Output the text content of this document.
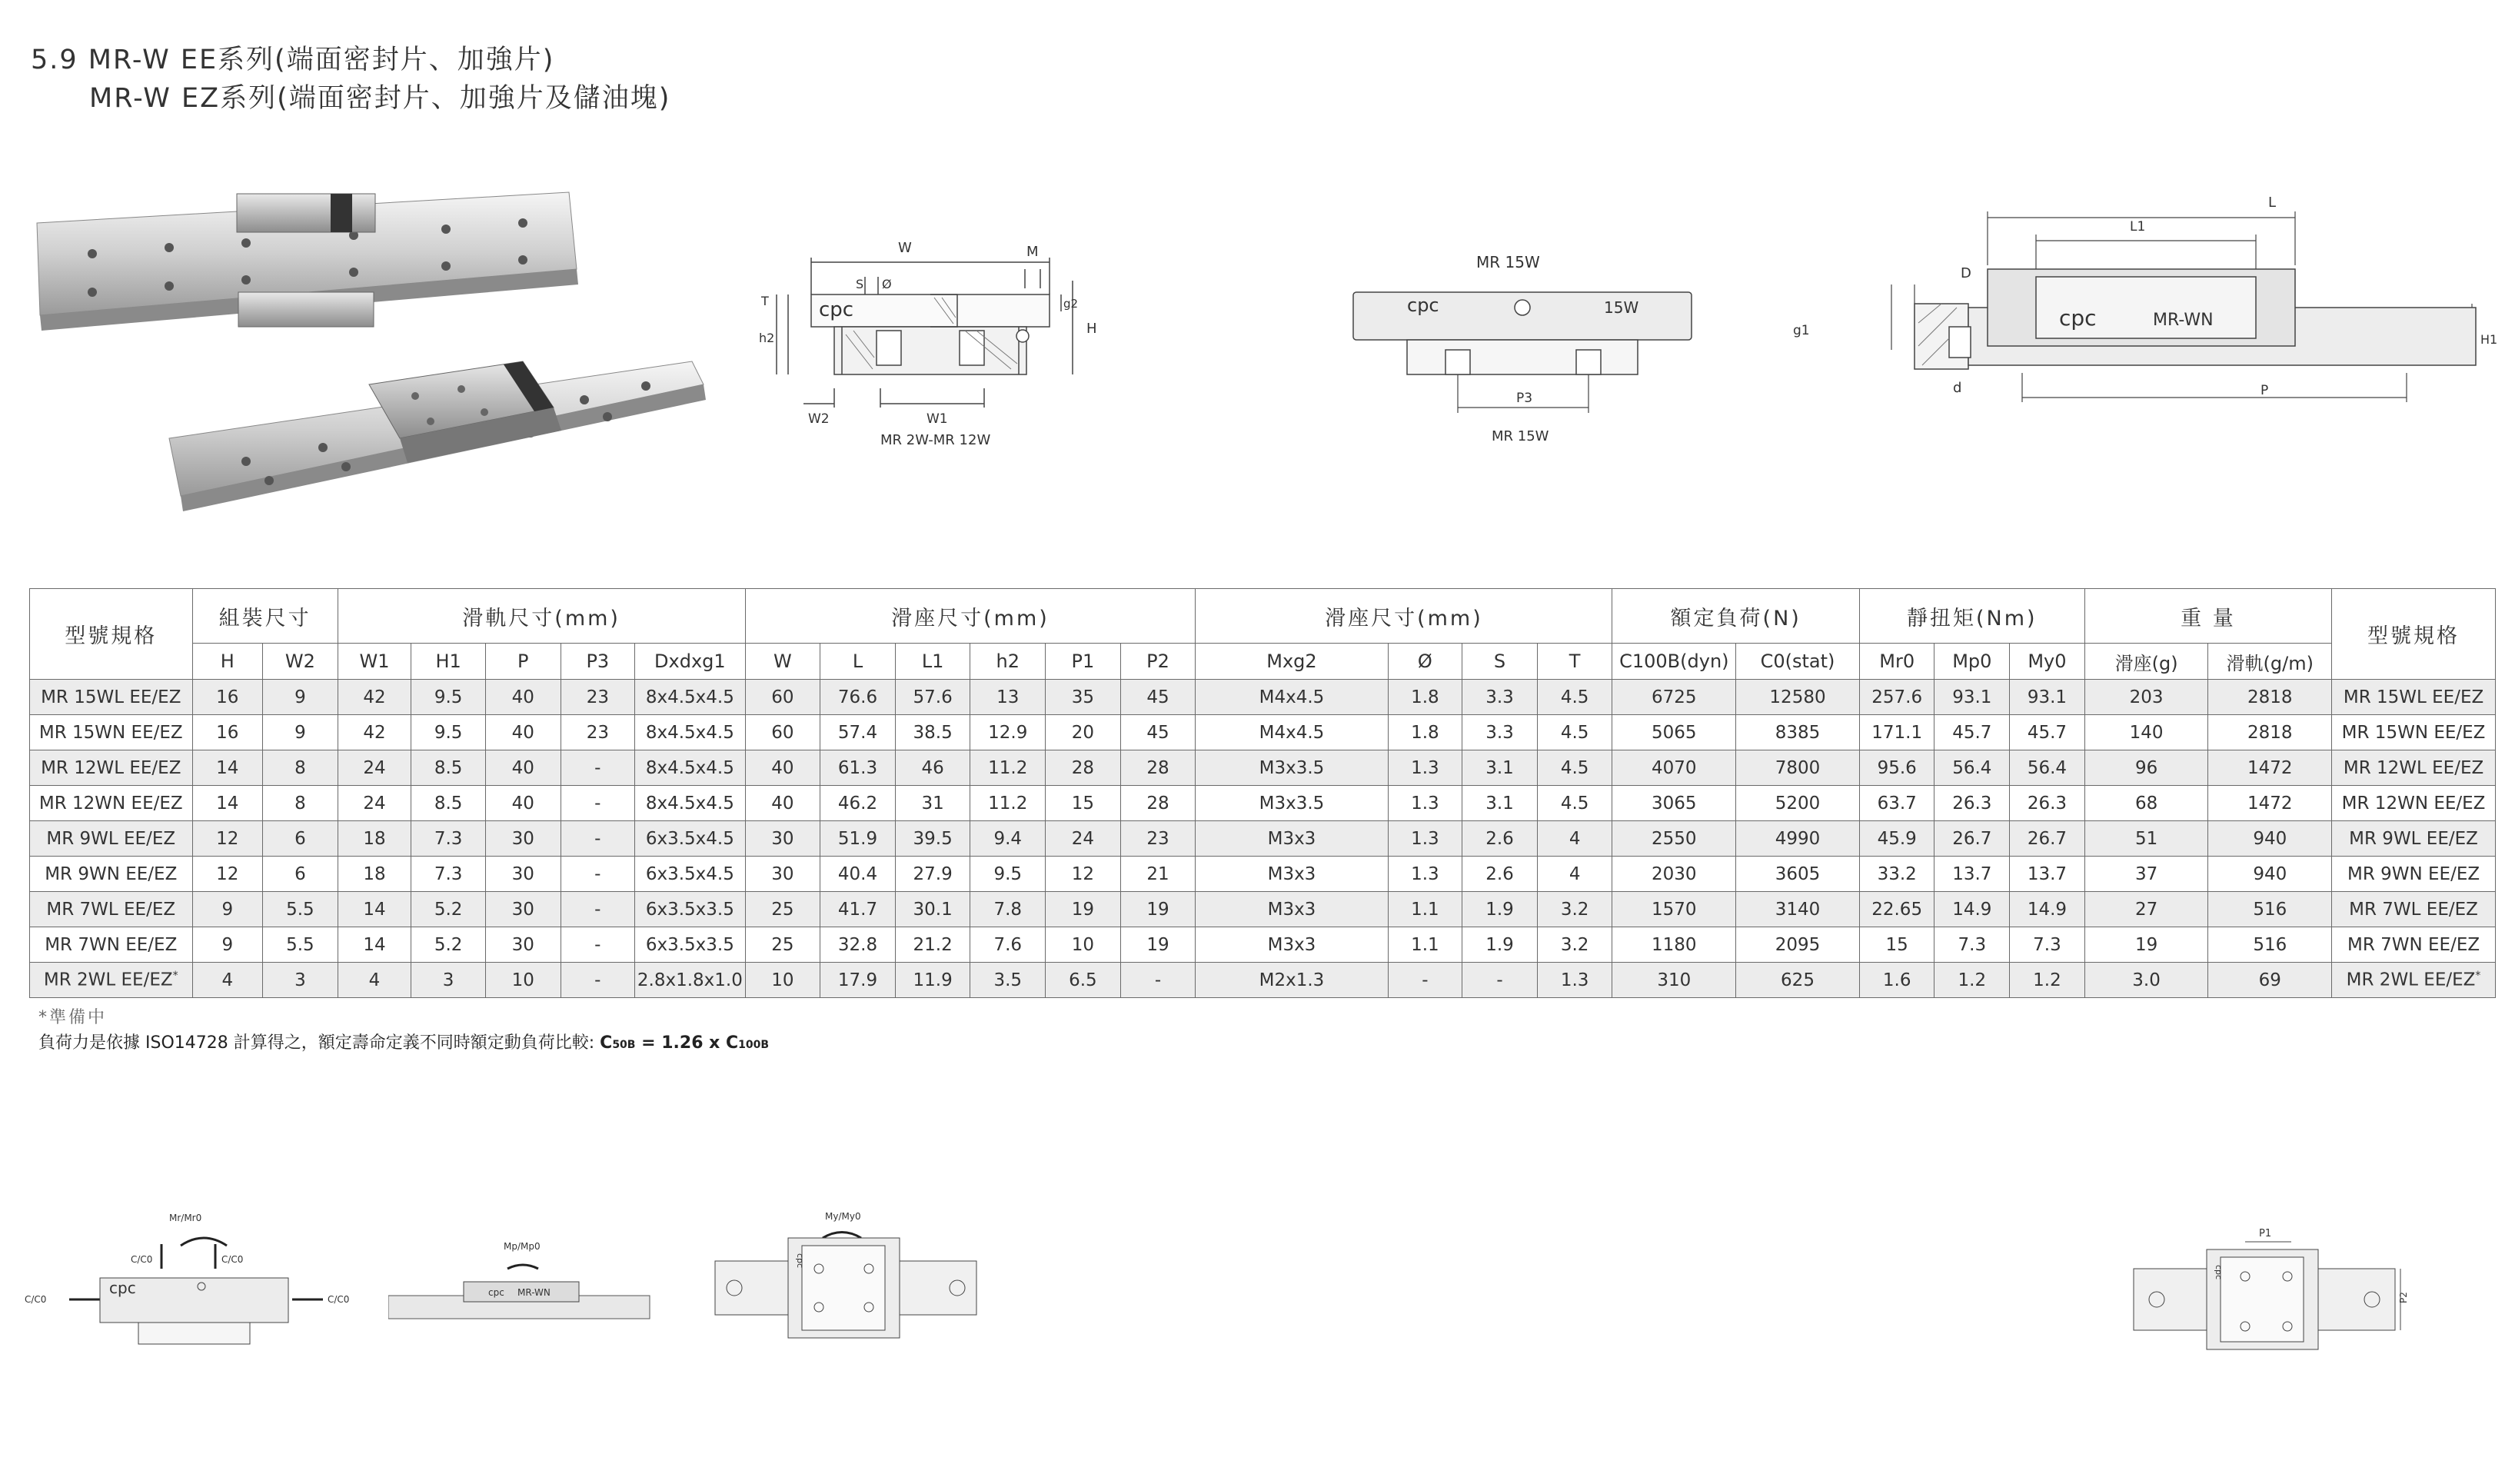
5.9 MR-W EE系列(端面密封片、加強片)
MR-W EZ系列(端面密封片、加強片及儲油塊)
cpc
W	M
S Ø
T
h2
g2
H
W2	W1
MR 2W-MR 12W
MR 15W
cpc	15W
P3
MR 15W
L
L1
D
g1
d
H1
P
cpc	MR-WN
型號規格	組裝尺寸		滑軌尺寸(mm)					滑座尺寸(mm)						滑座尺寸(mm)				額定負荷(N)		靜扭矩(Nm)			重 量		型號規格
	H	W2	W1	H1	P	P3	Dxdxg1	W	L	L1	h2	P1	P2	Mxg2	Ø	S	T	C100B(dyn)	C0(stat)	Mr0	Mp0	My0	滑座(g)	滑軌(g/m)	
MR 15WL EE/EZ	16	9	42	9.5	40	23	8x4.5x4.5	60	76.6	57.6	13	35	45	M4x4.5	1.8	3.3	4.5	6725	12580	257.6	93.1	93.1	203	2818	MR 15WL EE/EZ
MR 15WN EE/EZ	16	9	42	9.5	40	23	8x4.5x4.5	60	57.4	38.5	12.9	20	45	M4x4.5	1.8	3.3	4.5	5065	8385	171.1	45.7	45.7	140	2818	MR 15WN EE/EZ
MR 12WL EE/EZ	14	8	24	8.5	40	-	8x4.5x4.5	40	61.3	46	11.2	28	28	M3x3.5	1.3	3.1	4.5	4070	7800	95.6	56.4	56.4	96	1472	MR 12WL EE/EZ
MR 12WN EE/EZ	14	8	24	8.5	40	-	8x4.5x4.5	40	46.2	31	11.2	15	28	M3x3.5	1.3	3.1	4.5	3065	5200	63.7	26.3	26.3	68	1472	MR 12WN EE/EZ
MR 9WL EE/EZ	12	6	18	7.3	30	-	6x3.5x4.5	30	51.9	39.5	9.4	24	23	M3x3	1.3	2.6	4	2550	4990	45.9	26.7	26.7	51	940	MR 9WL EE/EZ
MR 9WN EE/EZ	12	6	18	7.3	30	-	6x3.5x4.5	30	40.4	27.9	9.5	12	21	M3x3	1.3	2.6	4	2030	3605	33.2	13.7	13.7	37	940	MR 9WN EE/EZ
MR 7WL EE/EZ	9	5.5	14	5.2	30	-	6x3.5x3.5	25	41.7	30.1	7.8	19	19	M3x3	1.1	1.9	3.2	1570	3140	22.65	14.9	14.9	27	516	MR 7WL EE/EZ
MR 7WN EE/EZ	9	5.5	14	5.2	30	-	6x3.5x3.5	25	32.8	21.2	7.6	10	19	M3x3	1.1	1.9	3.2	1180	2095	15	7.3	7.3	19	516	MR 7WN EE/EZ
MR 2WL EE/EZ*	4	3	4	3	10	-	2.8x1.8x1.0	10	17.9	11.9	3.5	6.5	-	M2x1.3	-	-	1.3	310	625	1.6	1.2	1.2	3.0	69	MR 2WL EE/EZ*
*準備中
負荷力是依據 ISO14728 計算得之，額定壽命定義不同時額定動負荷比較: C50B = 1.26 x C100B
Mr/Mr0
C/C0	C/C0
C/C0	C/C0
cpc
Mp/Mp0
cpc MR-WN
My/My0
cpc
P1
P2
cpc
